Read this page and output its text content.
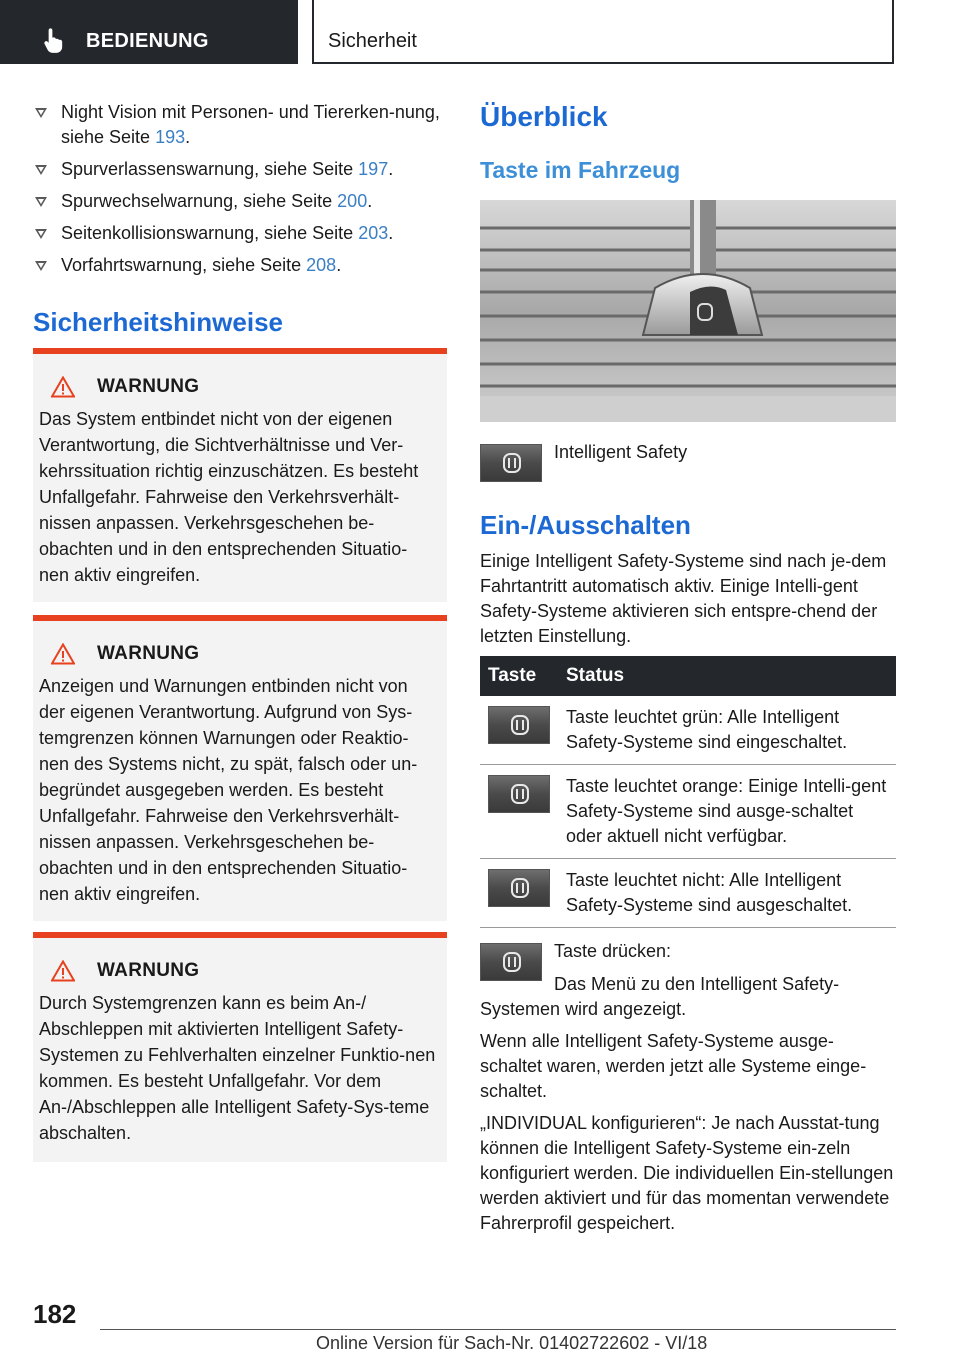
BEDIENUNG	Sicherheit
Night Vision mit Personen- und Tiererken-nung, siehe Seite 193.
Spurverlassenswarnung, siehe Seite 197.
Spurwechselwarnung, siehe Seite 200.
Seitenkollisionswarnung, siehe Seite 203.
Vorfahrtswarnung, siehe Seite 208.
Sicherheitshinweise
WARNUNG

Das System entbindet nicht von der eigenen Verantwortung, die Sichtverhältnisse und Ver-kehrssituation richtig einzuschätzen. Es besteht Unfallgefahr. Fahrweise den Verkehrsverhält-nissen anpassen. Verkehrsgeschehen be-obachten und in den entsprechenden Situatio-nen aktiv eingreifen.

WARNUNG

Anzeigen und Warnungen entbinden nicht von der eigenen Verantwortung. Aufgrund von Sys-temgrenzen können Warnungen oder Reaktio-nen des Systems nicht, zu spät, falsch oder un-begründet ausgegeben werden. Es besteht Unfallgefahr. Fahrweise den Verkehrsverhält-nissen anpassen. Verkehrsgeschehen be-obachten und in den entsprechenden Situatio-nen aktiv eingreifen.

WARNUNG

Durch Systemgrenzen kann es beim An-/ Abschleppen mit aktivierten Intelligent Safety-Systemen zu Fehlverhalten einzelner Funktio-nen kommen. Es besteht Unfallgefahr. Vor dem An-/Abschleppen alle Intelligent Safety-Sys-teme abschalten.

Überblick
Taste im Fahrzeug

Intelligent Safety

Ein-/Ausschalten

Einige Intelligent Safety-Systeme sind nach je-dem Fahrtantritt automatisch aktiv. Einige Intelli-gent Safety-Systeme aktivieren sich entspre-chend der letzten Einstellung.

Taste	Status

	Taste leuchtet grün: Alle Intelligent Safety-Systeme sind eingeschaltet.

	Taste leuchtet orange: Einige Intelli-gent Safety-Systeme sind ausge-schaltet oder aktuell nicht verfügbar.

	Taste leuchtet nicht: Alle Intelligent Safety-Systeme sind ausgeschaltet.

Taste drücken:

Das Menü zu den Intelligent Safety-Systemen wird angezeigt.

Wenn alle Intelligent Safety-Systeme ausge-schaltet waren, werden jetzt alle Systeme einge-schaltet.

„INDIVIDUAL konfigurieren“: Je nach Ausstat-tung können die Intelligent Safety-Systeme ein-zeln konfiguriert werden. Die individuellen Ein-stellungen werden aktiviert und für das momentan verwendete Fahrerprofil gespeichert.

182
Online Version für Sach-Nr. 01402722602 - VI/18
